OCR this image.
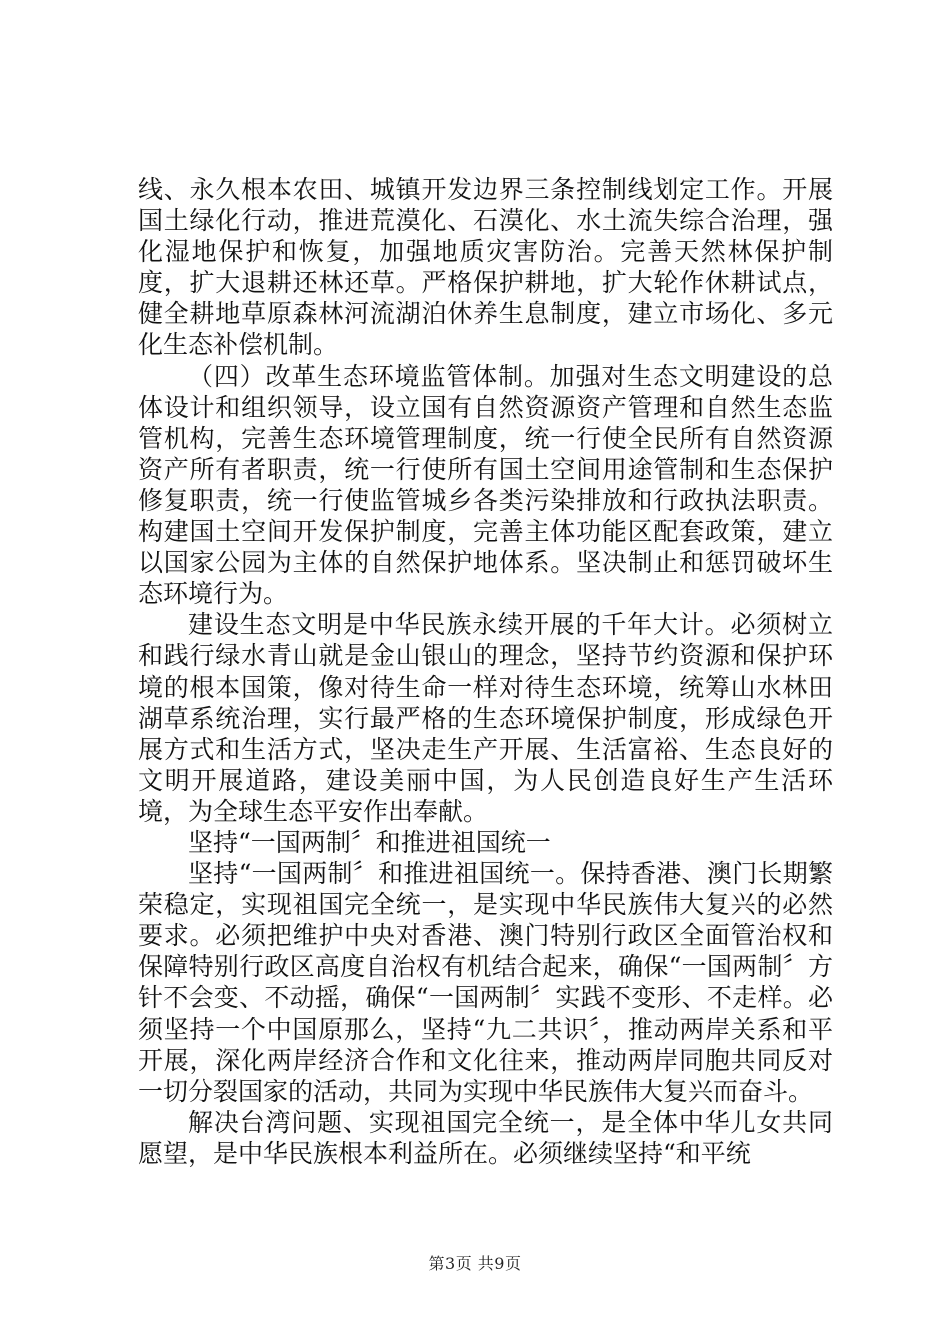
线、永久根本农田、城镇开发边界三条控制线划定工作。开展国土绿化行动，推进荒漠化、石漠化、水土流失综合治理，强化湿地保护和恢复，加强地质灾害防治。完善天然林保护制度，扩大退耕还林还草。严格保护耕地，扩大轮作休耕试点，健全耕地草原森林河流湖泊休养生息制度，建立市场化、多元化生态补偿机制。

（四）改革生态环境监管体制。加强对生态文明建设的总体设计和组织领导，设立国有自然资源资产管理和自然生态监管机构，完善生态环境管理制度，统一行使全民所有自然资源资产所有者职责，统一行使所有国土空间用途管制和生态保护修复职责，统一行使监管城乡各类污染排放和行政执法职责。构建国土空间开发保护制度，完善主体功能区配套政策，建立以国家公园为主体的自然保护地体系。坚决制止和惩罚破坏生态环境行为。

建设生态文明是中华民族永续开展的千年大计。必须树立和践行绿水青山就是金山银山的理念，坚持节约资源和保护环境的根本国策，像对待生命一样对待生态环境，统筹山水林田湖草系统治理，实行最严格的生态环境保护制度，形成绿色开展方式和生活方式，坚决走生产开展、生活富裕、生态良好的文明开展道路，建设美丽中国，为人民创造良好生产生活环境，为全球生态平安作出奉献。

坚持“一国两制〞和推进祖国统一

坚持“一国两制〞和推进祖国统一。保持香港、澳门长期繁荣稳定，实现祖国完全统一，是实现中华民族伟大复兴的必然要求。必须把维护中央对香港、澳门特别行政区全面管治权和保障特别行政区高度自治权有机结合起来，确保“一国两制〞方针不会变、不动摇，确保“一国两制〞实践不变形、不走样。必须坚持一个中国原那么，坚持“九二共识〞，推动两岸关系和平开展，深化两岸经济合作和文化往来，推动两岸同胞共同反对一切分裂国家的活动，共同为实现中华民族伟大复兴而奋斗。

解决台湾问题、实现祖国完全统一，是全体中华儿女共同愿望，是中华民族根本利益所在。必须继续坚持“和平统

第3页 共9页
